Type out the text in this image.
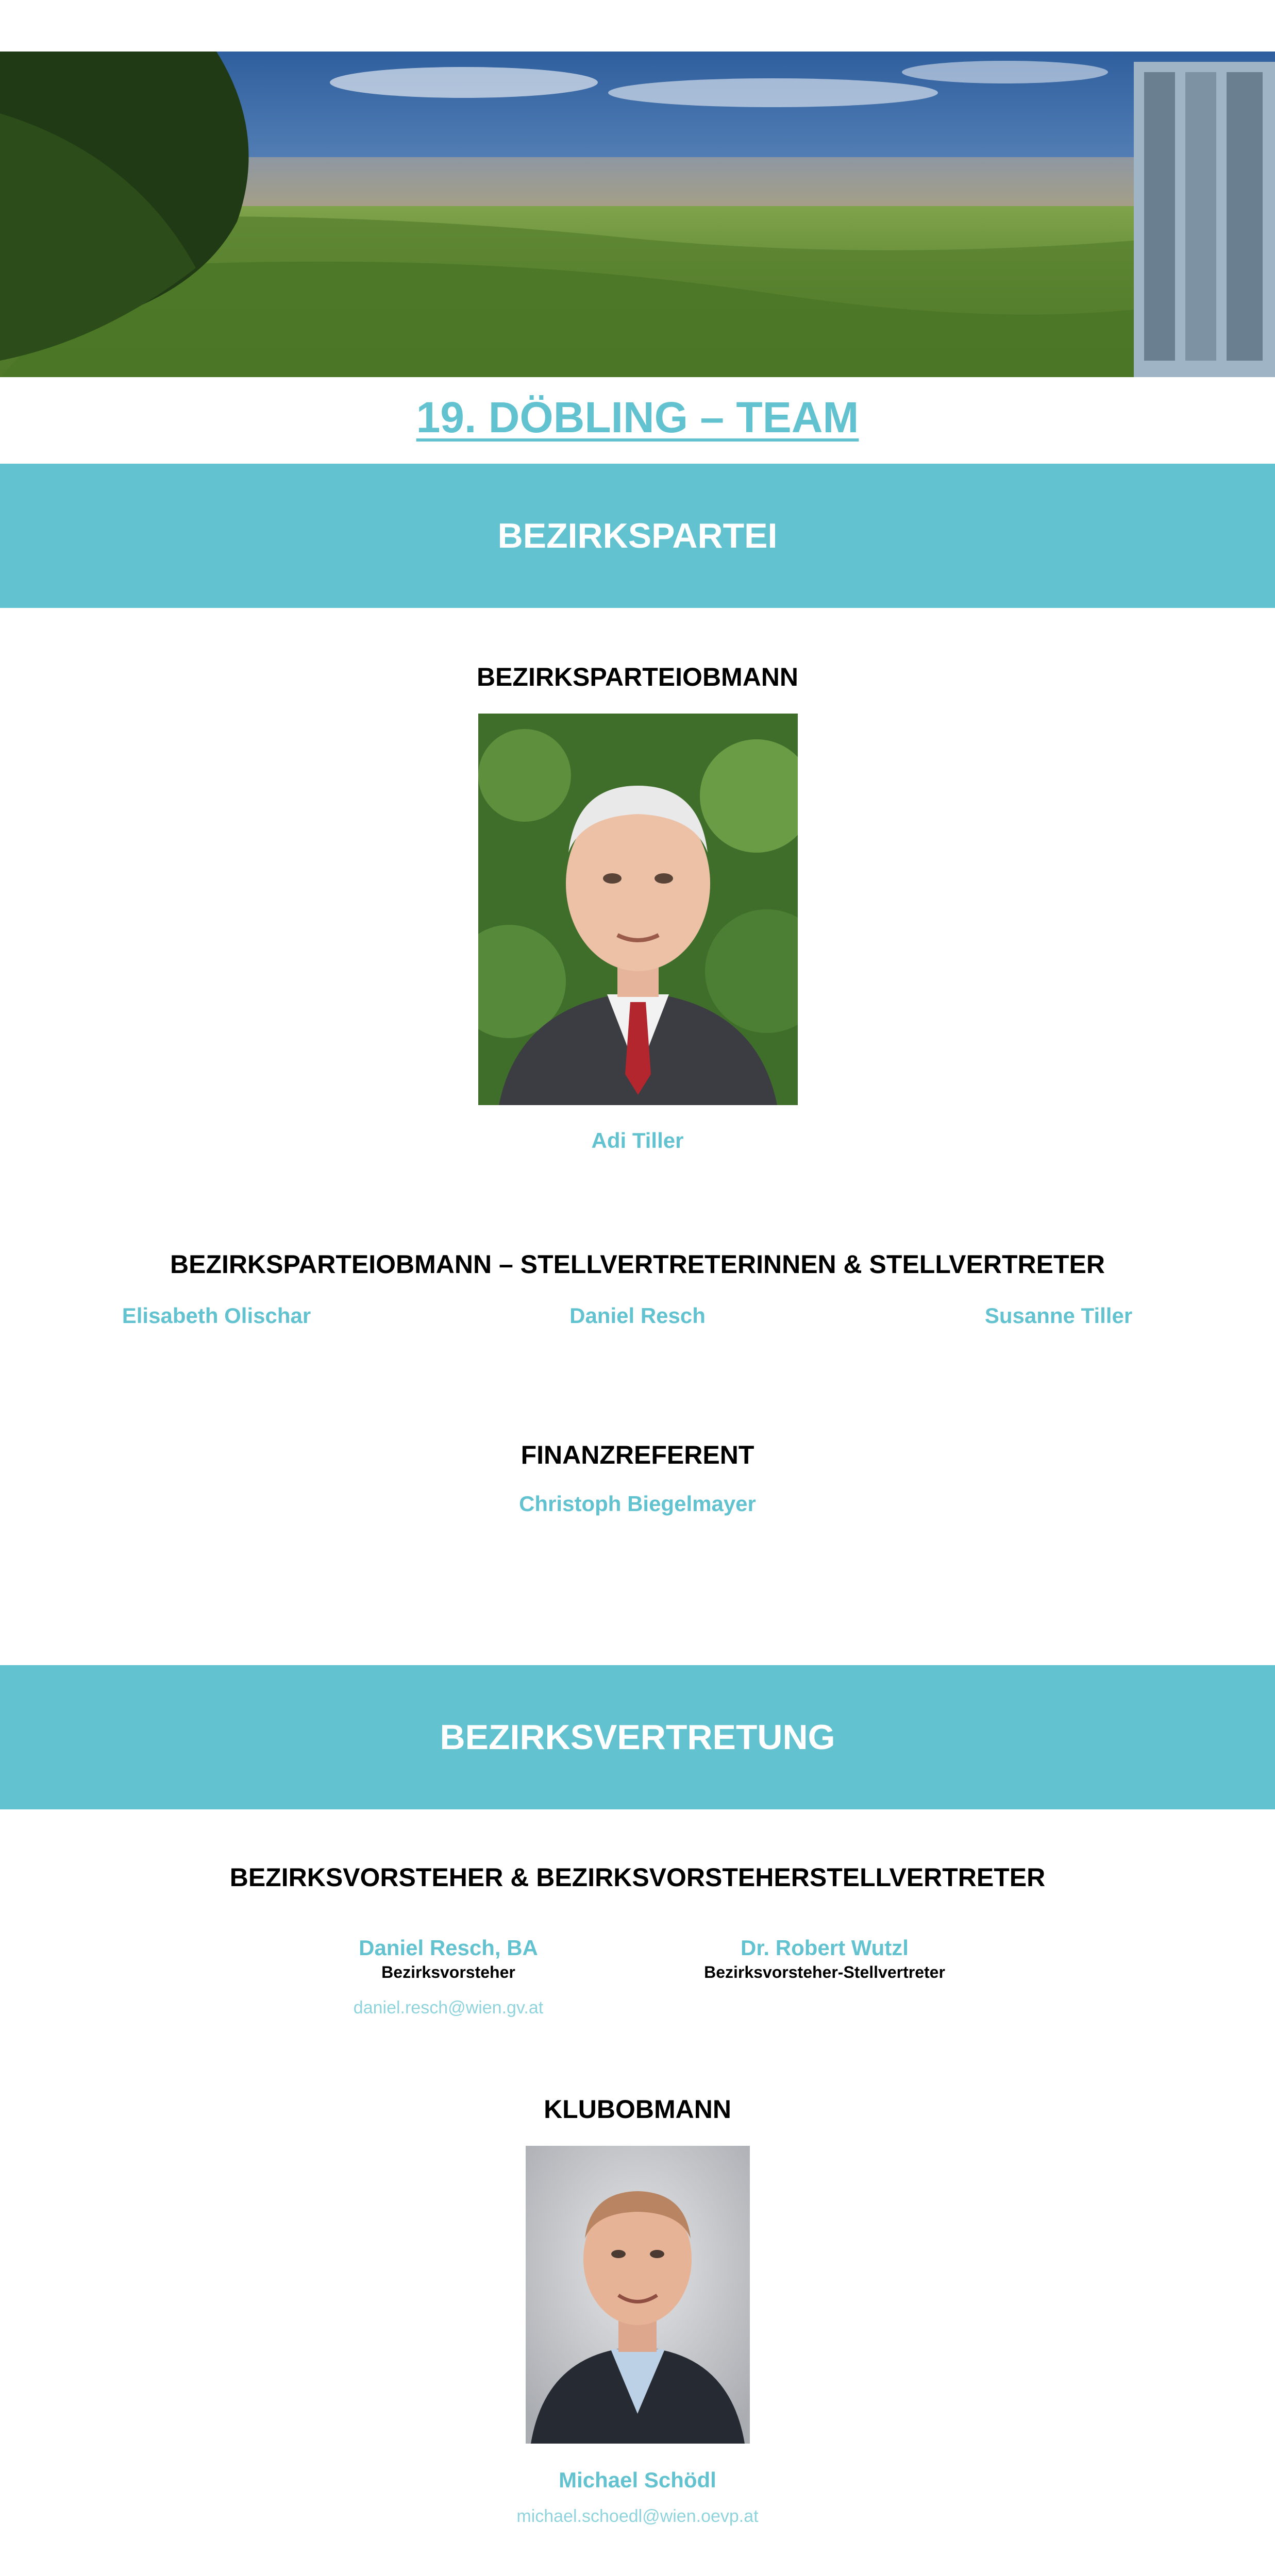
19. DÖBLING – TEAM
BEZIRKSPARTEI
BEZIRKSPARTEIOBMANN
Adi Tiller
BEZIRKSPARTEIOBMANN – STELLVERTRETERINNEN & STELLVERTRETER
Elisabeth Olischar	Daniel Resch	Susanne Tiller
FINANZREFERENT
Christoph Biegelmayer
BEZIRKSVERTRETUNG
BEZIRKSVORSTEHER & BEZIRKSVORSTEHERSTELLVERTRETER
Daniel Resch, BA
Bezirksvorsteher
daniel.resch@wien.gv.at
Dr. Robert Wutzl
Bezirksvorsteher-Stellvertreter
KLUBOBMANN
Michael Schödl
michael.schoedl@wien.oevp.at
